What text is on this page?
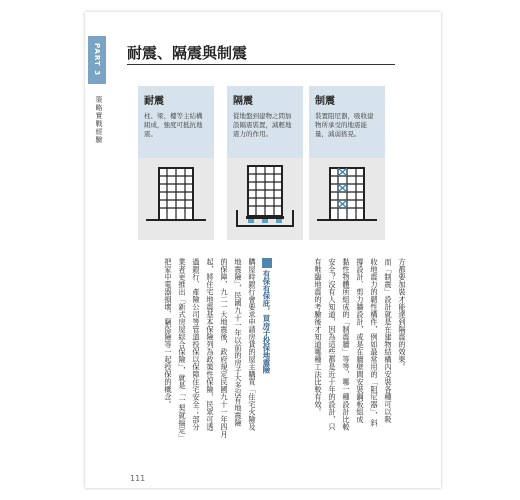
PART 3
策略實戰經驗
耐震、隔震與制震
耐震
柱、梁、樓等主結構組成，強度可抵抗地震。
隔震
從地盤到建物之間加設隔震裝置，減輕地震力的作用。
制震
裝置阻尼器，吸收建物所承受的地震能量，減弱搖晃。
方都要加裝才能達到隔震的效果。
而「制震」設計就是在建物結構內安裝各種可以吸
收地震力的韌性構件，例如最常用的「阻尼器」，斜
撐設計、剪力牆設計，或是在牆壁間安裝鋼板組成
黏性物體所組成的「制震牆」等等，哪一種設計比較
安全？沒有人知道，因為這些都是近十年的設計，只
有唯臨地震的考驗後才知道哪種工法比較有效。
有保有保庇，買房子投保地震險
購屋時銀行會要求申請房貸的屋主購買「住宅火險及
地震險」，民國九十一年以前的房子大多沒有地震險
的保障，九二一大地震後，政府規定民國九十一年四月
起，將住宅地震基本保險列為政策性保險，民眾可透
過銀行、產險公司等管道投保以保障住宅安全；部分
業者更推出「新式房屋綜合保險」，就是「一契就搞定」
把家中電器損壞、竊盜險等一起投保的概念。
111
